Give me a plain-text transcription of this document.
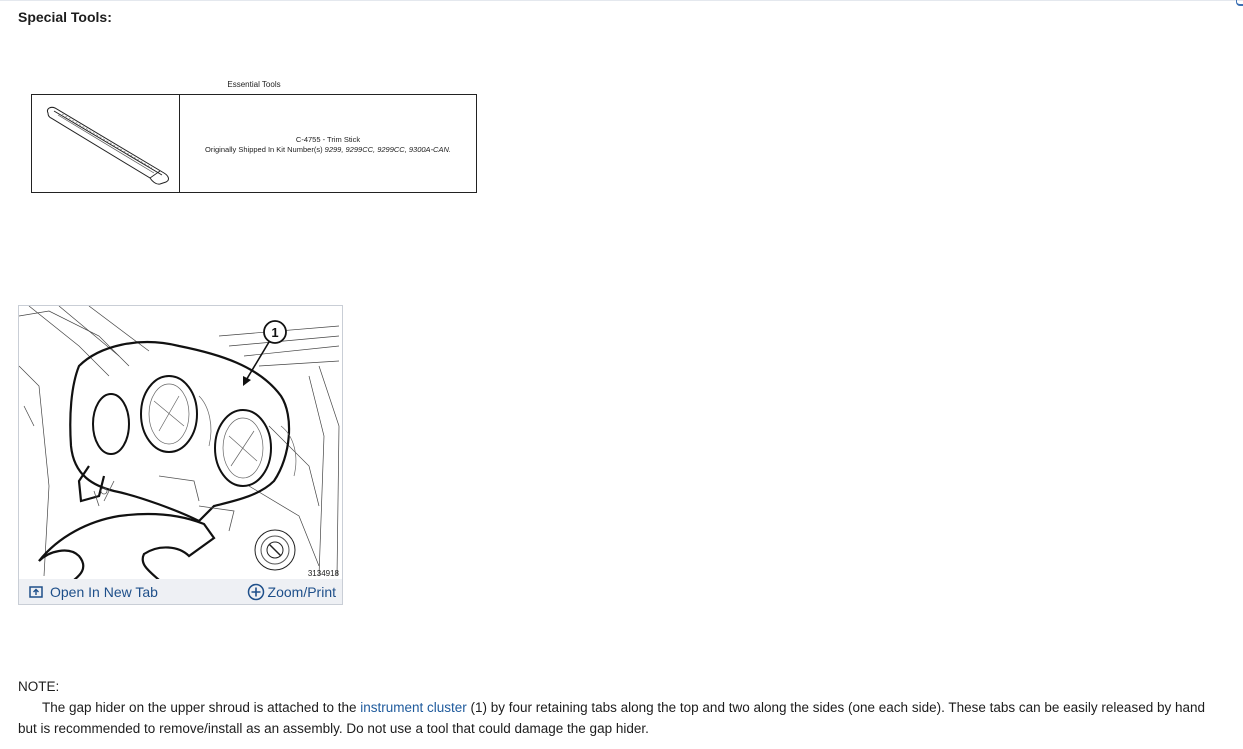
Special Tools:
Essential Tools
C-4755 - Trim Stick
Originally Shipped In Kit Number(s) 9299, 9299CC, 9299CC, 9300A-CAN.
1
3134918
Open In New Tab	Zoom/Print
NOTE:
The gap hider on the upper shroud is attached to the instrument cluster (1) by four retaining tabs along the top and two along the sides (one each side). These tabs can be easily released by hand but is recommended to remove/install as an assembly. Do not use a tool that could damage the gap hider.
